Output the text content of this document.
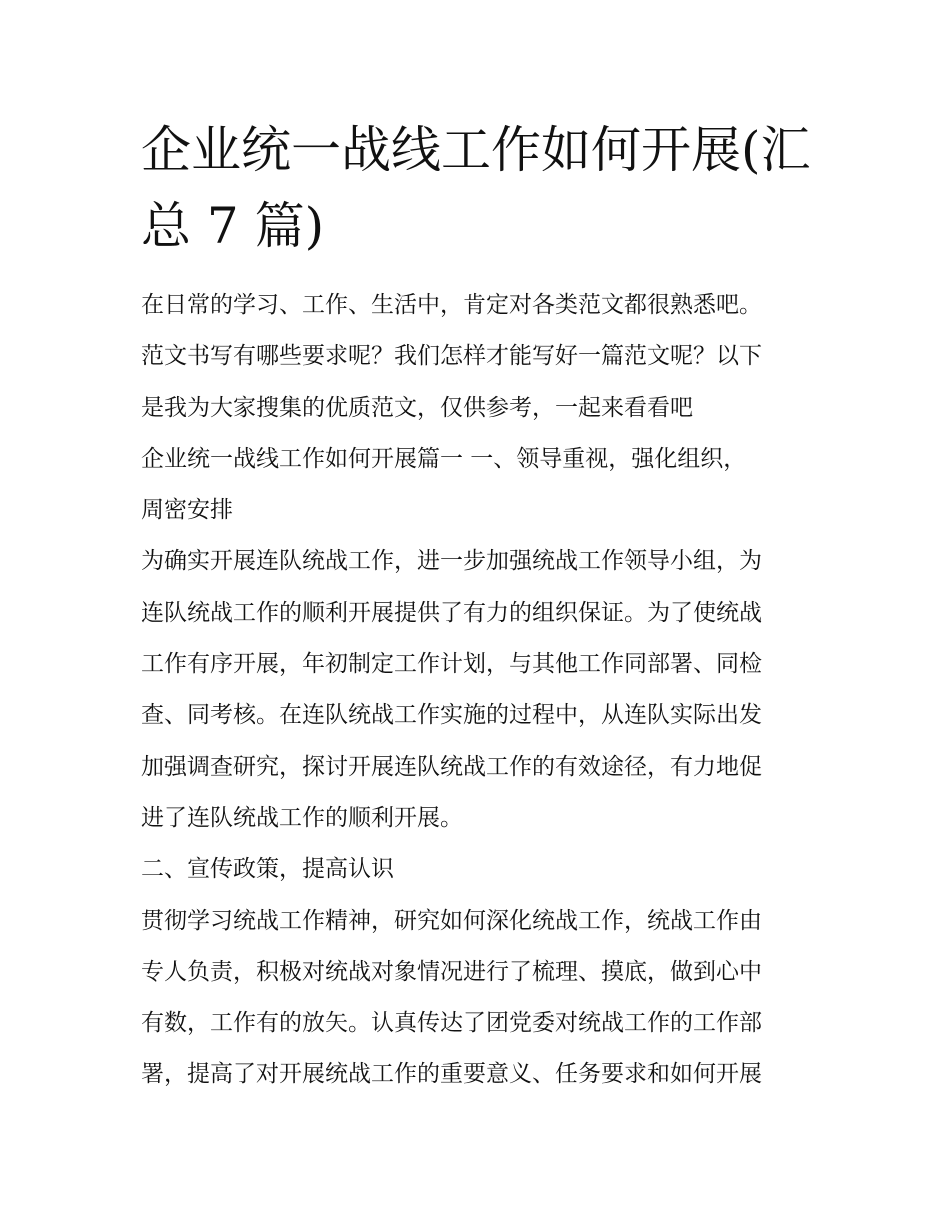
企业统一战线工作如何开展(汇
总 7 篇)
在日常的学习、工作、生活中，肯定对各类范文都很熟悉吧。
范文书写有哪些要求呢？我们怎样才能写好一篇范文呢？以下
是我为大家搜集的优质范文，仅供参考，一起来看看吧
企业统一战线工作如何开展篇一 一、领导重视，强化组织，
周密安排
为确实开展连队统战工作，进一步加强统战工作领导小组，为
连队统战工作的顺利开展提供了有力的组织保证。为了使统战
工作有序开展，年初制定工作计划，与其他工作同部署、同检
查、同考核。在连队统战工作实施的过程中，从连队实际出发
加强调查研究，探讨开展连队统战工作的有效途径，有力地促
进了连队统战工作的顺利开展。
二、宣传政策，提高认识
贯彻学习统战工作精神，研究如何深化统战工作，统战工作由
专人负责，积极对统战对象情况进行了梳理、摸底，做到心中
有数，工作有的放矢。认真传达了团党委对统战工作的工作部
署，提高了对开展统战工作的重要意义、任务要求和如何开展
